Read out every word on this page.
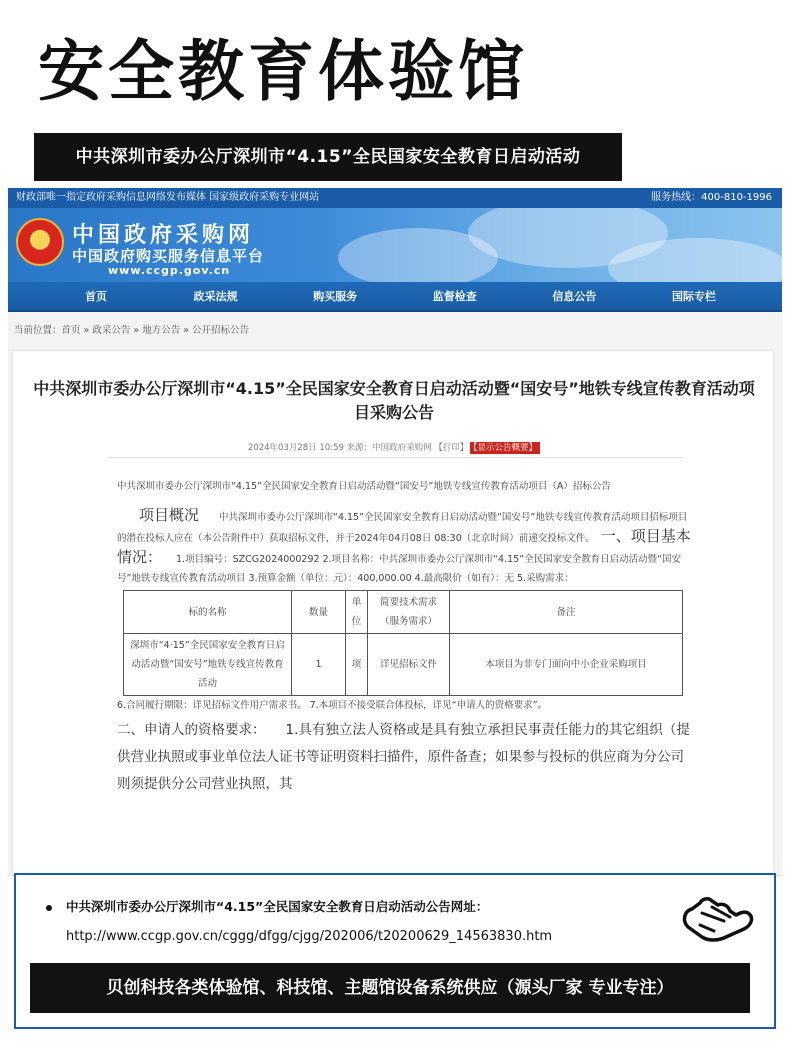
安全教育体验馆
中共深圳市委办公厅深圳市“4.15”全民国家安全教育日启动活动
财政部唯一指定政府采购信息网络发布媒体 国家级政府采购专业网站	服务热线：400-810-1996
★
中国政府采购网
中国政府购买服务信息平台
www.ccgp.gov.cn
首页	政采法规	购买服务	监督检查	信息公告	国际专栏
当前位置：首页 » 政采公告 » 地方公告 » 公开招标公告
中共深圳市委办公厅深圳市“4.15”全民国家安全教育日启动活动暨“国安号”地铁专线宣传教育活动项目采购公告
2024年03月28日 10:59 来源：中国政府采购网 【打印】 【显示公告概要】

中共深圳市委办公厅深圳市“4.15”全民国家安全教育日启动活动暨“国安号”地铁专线宣传教育活动项目（A）招标公告

项目概况 中共深圳市委办公厅深圳市“4.15”全民国家安全教育日启动活动暨“国安号”地铁专线宣传教育活动项目招标项目的潜在投标人应在（本公告附件中）获取招标文件，并于2024年04月08日 08:30（北京时间）前递交投标文件。 一、项目基本情况： 1.项目编号：SZCG2024000292 2.项目名称：中共深圳市委办公厅深圳市“4.15”全民国家安全教育日启动活动暨“国安号”地铁专线宣传教育活动项目 3.预算金额（单位：元）：400,000.00 4.最高限价（如有）：无 5.采购需求：

标的名称	数量	单位	简要技术需求（服务需求）	备注
深圳市“4·15”全民国家安全教育日启动活动暨“国安号”地铁专线宣传教育活动	1	项	详见招标文件	本项目为非专门面向中小企业采购项目

6.合同履行期限：详见招标文件用户需求书。 7.本项目不接受联合体投标，详见“申请人的资格要求”。

二、申请人的资格要求： 1.具有独立法人资格或是具有独立承担民事责任能力的其它组织（提供营业执照或事业单位法人证书等证明资料扫描件，原件备查；如果参与投标的供应商为分公司则须提供分公司营业执照，其

中共深圳市委办公厅深圳市“4.15”全民国家安全教育日启动活动公告网址：
http://www.ccgp.gov.cn/cggg/dfgg/cjgg/202006/t20200629_14563830.htm
贝创科技各类体验馆、科技馆、主题馆设备系统供应（源头厂家 专业专注）
